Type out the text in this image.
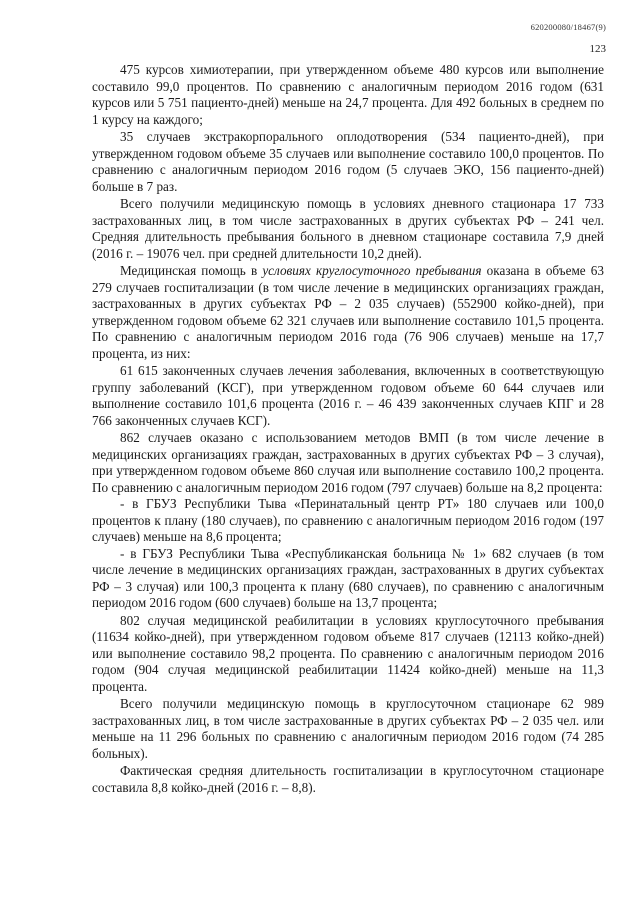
620200080/18467(9)
123

475 курсов химиотерапии, при утвержденном объеме 480 курсов или выполнение составило 99,0 процентов. По сравнению с аналогичным периодом 2016 годом (631 курсов или 5 751 пациенто-дней) меньше на 24,7 процента. Для 492 больных в среднем по 1 курсу на каждого;

35 случаев экстракорпорального оплодотворения (534 пациенто-дней), при утвержденном годовом объеме 35 случаев или выполнение составило 100,0 процентов. По сравнению с аналогичным периодом 2016 годом (5 случаев ЭКО, 156 пациенто-дней) больше в 7 раз.

Всего получили медицинскую помощь в условиях дневного стационара 17 733 застрахованных лиц, в том числе застрахованных в других субъектах РФ – 241 чел. Средняя длительность пребывания больного в дневном стационаре составила 7,9 дней (2016 г. – 19076 чел. при средней длительности 10,2 дней).

Медицинская помощь в условиях круглосуточного пребывания оказана в объеме 63 279 случаев госпитализации (в том числе лечение в медицинских организациях граждан, застрахованных в других субъектах РФ – 2 035 случаев) (552900 койко-дней), при утвержденном годовом объеме 62 321 случаев или выполнение составило 101,5 процента. По сравнению с аналогичным периодом 2016 года (76 906 случаев) меньше на 17,7 процента, из них:

61 615 законченных случаев лечения заболевания, включенных в соответствующую группу заболеваний (КСГ), при утвержденном годовом объеме 60 644 случаев или выполнение составило 101,6 процента (2016 г. – 46 439 законченных случаев КПГ и 28 766 законченных случаев КСГ).

862 случаев оказано с использованием методов ВМП (в том числе лечение в медицинских организациях граждан, застрахованных в других субъектах РФ – 3 случая), при утвержденном годовом объеме 860 случая или выполнение составило 100,2 процента. По сравнению с аналогичным периодом 2016 годом (797 случаев) больше на 8,2 процента:

- в ГБУЗ Республики Тыва «Перинатальный центр РТ» 180 случаев или 100,0 процентов к плану (180 случаев), по сравнению с аналогичным периодом 2016 годом (197 случаев) меньше на 8,6 процента;

- в ГБУЗ Республики Тыва «Республиканская больница № 1» 682 случаев (в том числе лечение в медицинских организациях граждан, застрахованных в других субъектах РФ – 3 случая) или 100,3 процента к плану (680 случаев), по сравнению с аналогичным периодом 2016 годом (600 случаев) больше на 13,7 процента;

802 случая медицинской реабилитации в условиях круглосуточного пребывания (11634 койко-дней), при утвержденном годовом объеме 817 случаев (12113 койко-дней) или выполнение составило 98,2 процента. По сравнению с аналогичным периодом 2016 годом (904 случая медицинской реабилитации 11424 койко-дней) меньше на 11,3 процента.

Всего получили медицинскую помощь в круглосуточном стационаре 62 989 застрахованных лиц, в том числе застрахованные в других субъектах РФ – 2 035 чел. или меньше на 11 296 больных по сравнению с аналогичным периодом 2016 годом (74 285 больных).

Фактическая средняя длительность госпитализации в круглосуточном стационаре составила 8,8 койко-дней (2016 г. – 8,8).
